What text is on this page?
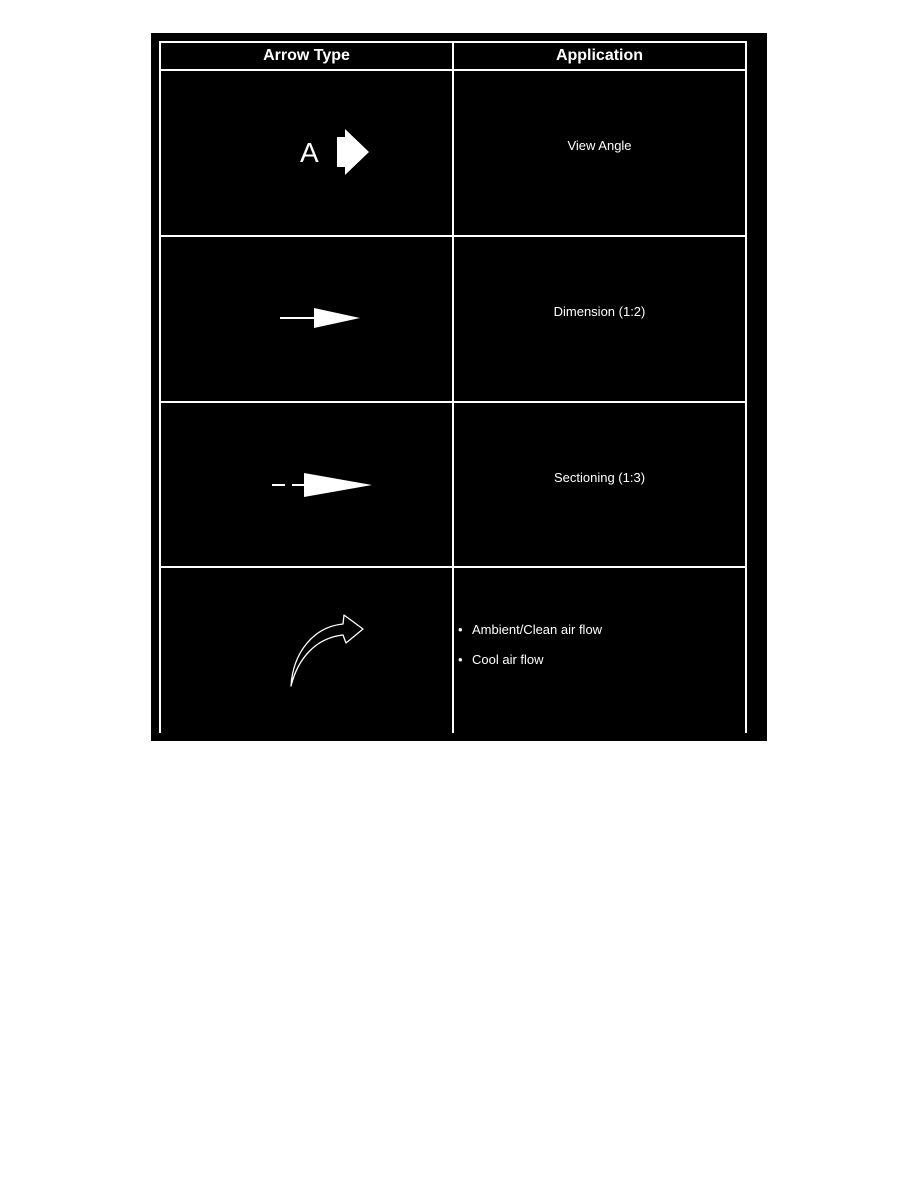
Arrow Type	Application
A	View Angle
Dimension (1:2)
Sectioning (1:3)
• Ambient/Clean air flow
• Cool air flow
